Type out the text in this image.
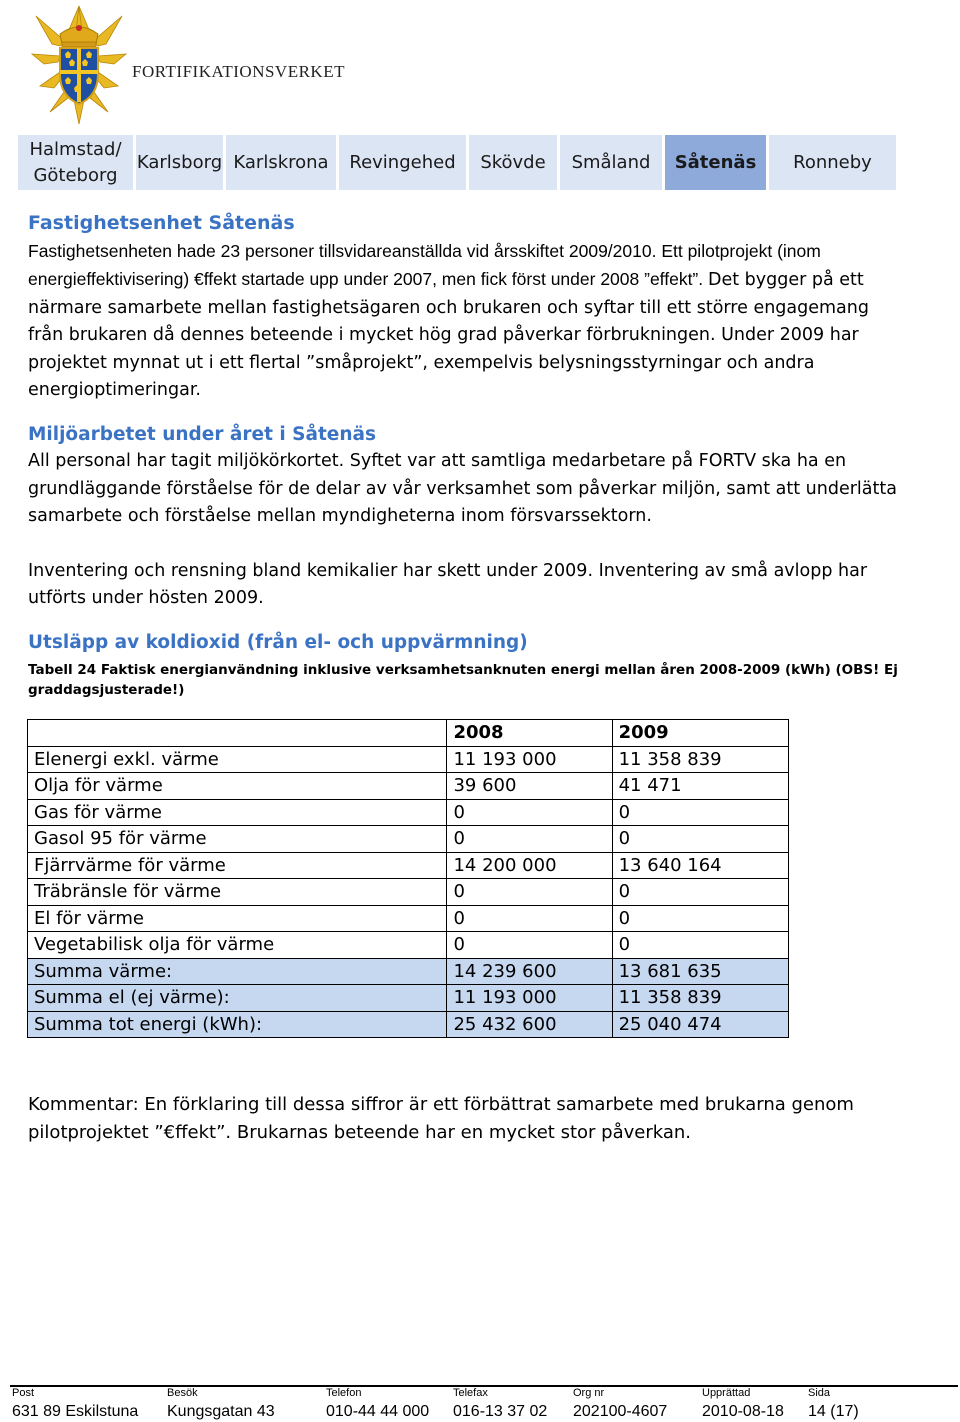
FORTIFIKATIONSVERKET
Halmstad/
Göteborg
Karlsborg Karlskrona	Revingehed	Skövde	Småland	Såtenäs	Ronneby
Fastighetsenhet Såtenäs

Fastighetsenheten hade 23 personer tillsvidareanställda vid årsskiftet 2009/2010. Ett pilotprojekt (inom energieffektivisering) €ffekt startade upp under 2007, men fick först under 2008 ”effekt”. Det bygger på ett närmare samarbete mellan fastighetsägaren och brukaren och syftar till ett större engagemang från brukaren då dennes beteende i mycket hög grad påverkar förbrukningen. Under 2009 har projektet mynnat ut i ett flertal ”småprojekt”, exempelvis belysningsstyrningar och andra energioptimeringar.

Miljöarbetet under året i Såtenäs

All personal har tagit miljökörkortet. Syftet var att samtliga medarbetare på FORTV ska ha en grundläggande förståelse för de delar av vår verksamhet som påverkar miljön, samt att underlätta samarbete och förståelse mellan myndigheterna inom försvarssektorn.

Inventering och rensning bland kemikalier har skett under 2009. Inventering av små avlopp har utförts under hösten 2009.

Utsläpp av koldioxid (från el- och uppvärmning)
Tabell 24 Faktisk energianvändning inklusive verksamhetsanknuten energi mellan åren 2008-2009 (kWh) (OBS! Ej graddagsjusterade!)
	2008	2009
Elenergi exkl. värme	11 193 000	11 358 839
Olja för värme	39 600	41 471
Gas för värme	0	0
Gasol 95 för värme	0	0
Fjärrvärme för värme	14 200 000	13 640 164
Träbränsle för värme	0	0
El för värme	0	0
Vegetabilisk olja för värme	0	0
Summa värme:	14 239 600	13 681 635
Summa el (ej värme):	11 193 000	11 358 839
Summa tot energi (kWh):	25 432 600	25 040 474
Kommentar: En förklaring till dessa siffror är ett förbättrat samarbete med brukarna genom pilotprojektet ”€ffekt”. Brukarnas beteende har en mycket stor påverkan.
Post
631 89 Eskilstuna
Besök
Kungsgatan 43
Telefon
010-44 44 000
Telefax
016-13 37 02
Org nr
202100-4607
Upprättad
2010-08-18
Sida
14 (17)
